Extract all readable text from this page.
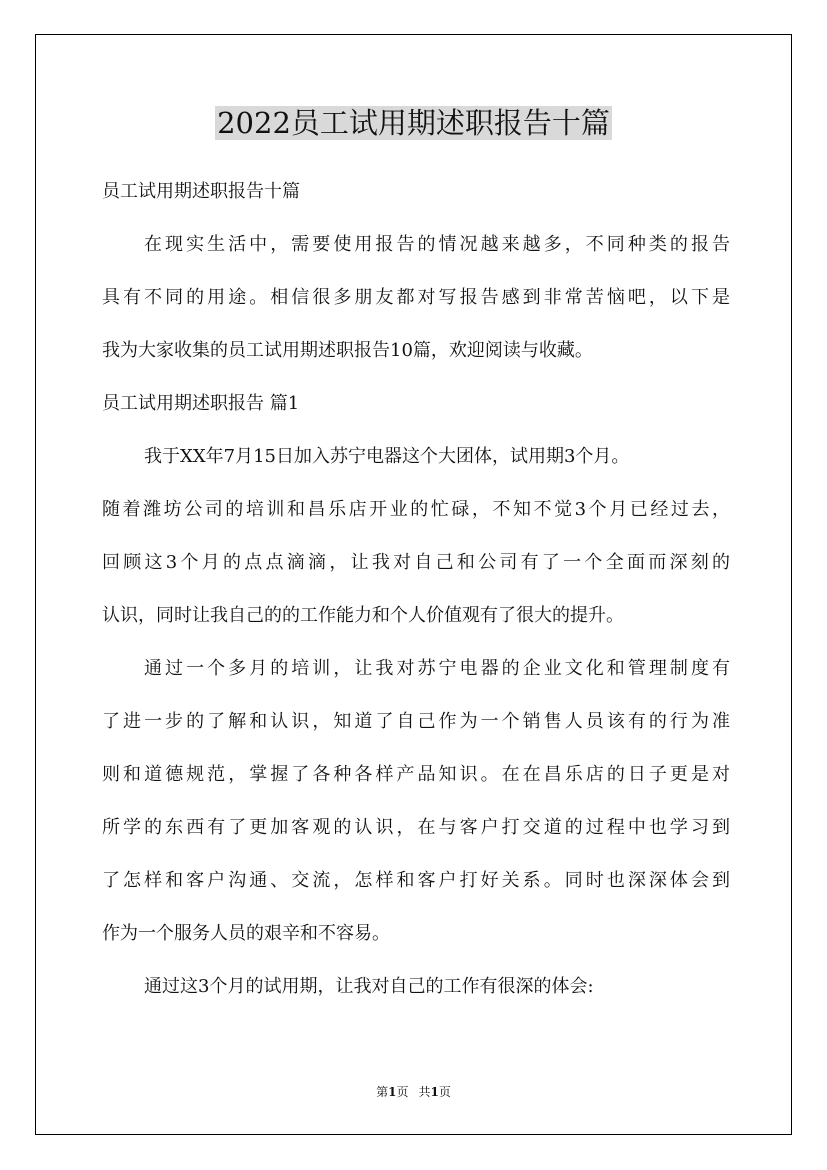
2022员工试用期述职报告十篇
员工试用期述职报告十篇
在现实生活中，需要使用报告的情况越来越多，不同种类的报告
具有不同的用途。相信很多朋友都对写报告感到非常苦恼吧，以下是
我为大家收集的员工试用期述职报告10篇，欢迎阅读与收藏。
员工试用期述职报告 篇1
我于XX年7月15日加入苏宁电器这个大团体，试用期3个月。
随着潍坊公司的培训和昌乐店开业的忙碌，不知不觉3个月已经过去，
回顾这3个月的点点滴滴，让我对自己和公司有了一个全面而深刻的
认识，同时让我自己的的工作能力和个人价值观有了很大的提升。
通过一个多月的培训，让我对苏宁电器的企业文化和管理制度有
了进一步的了解和认识，知道了自己作为一个销售人员该有的行为准
则和道德规范，掌握了各种各样产品知识。在在昌乐店的日子更是对
所学的东西有了更加客观的认识，在与客户打交道的过程中也学习到
了怎样和客户沟通、交流，怎样和客户打好关系。同时也深深体会到
作为一个服务人员的艰辛和不容易。
通过这3个月的试用期，让我对自己的工作有很深的体会:
第1页 共1页
